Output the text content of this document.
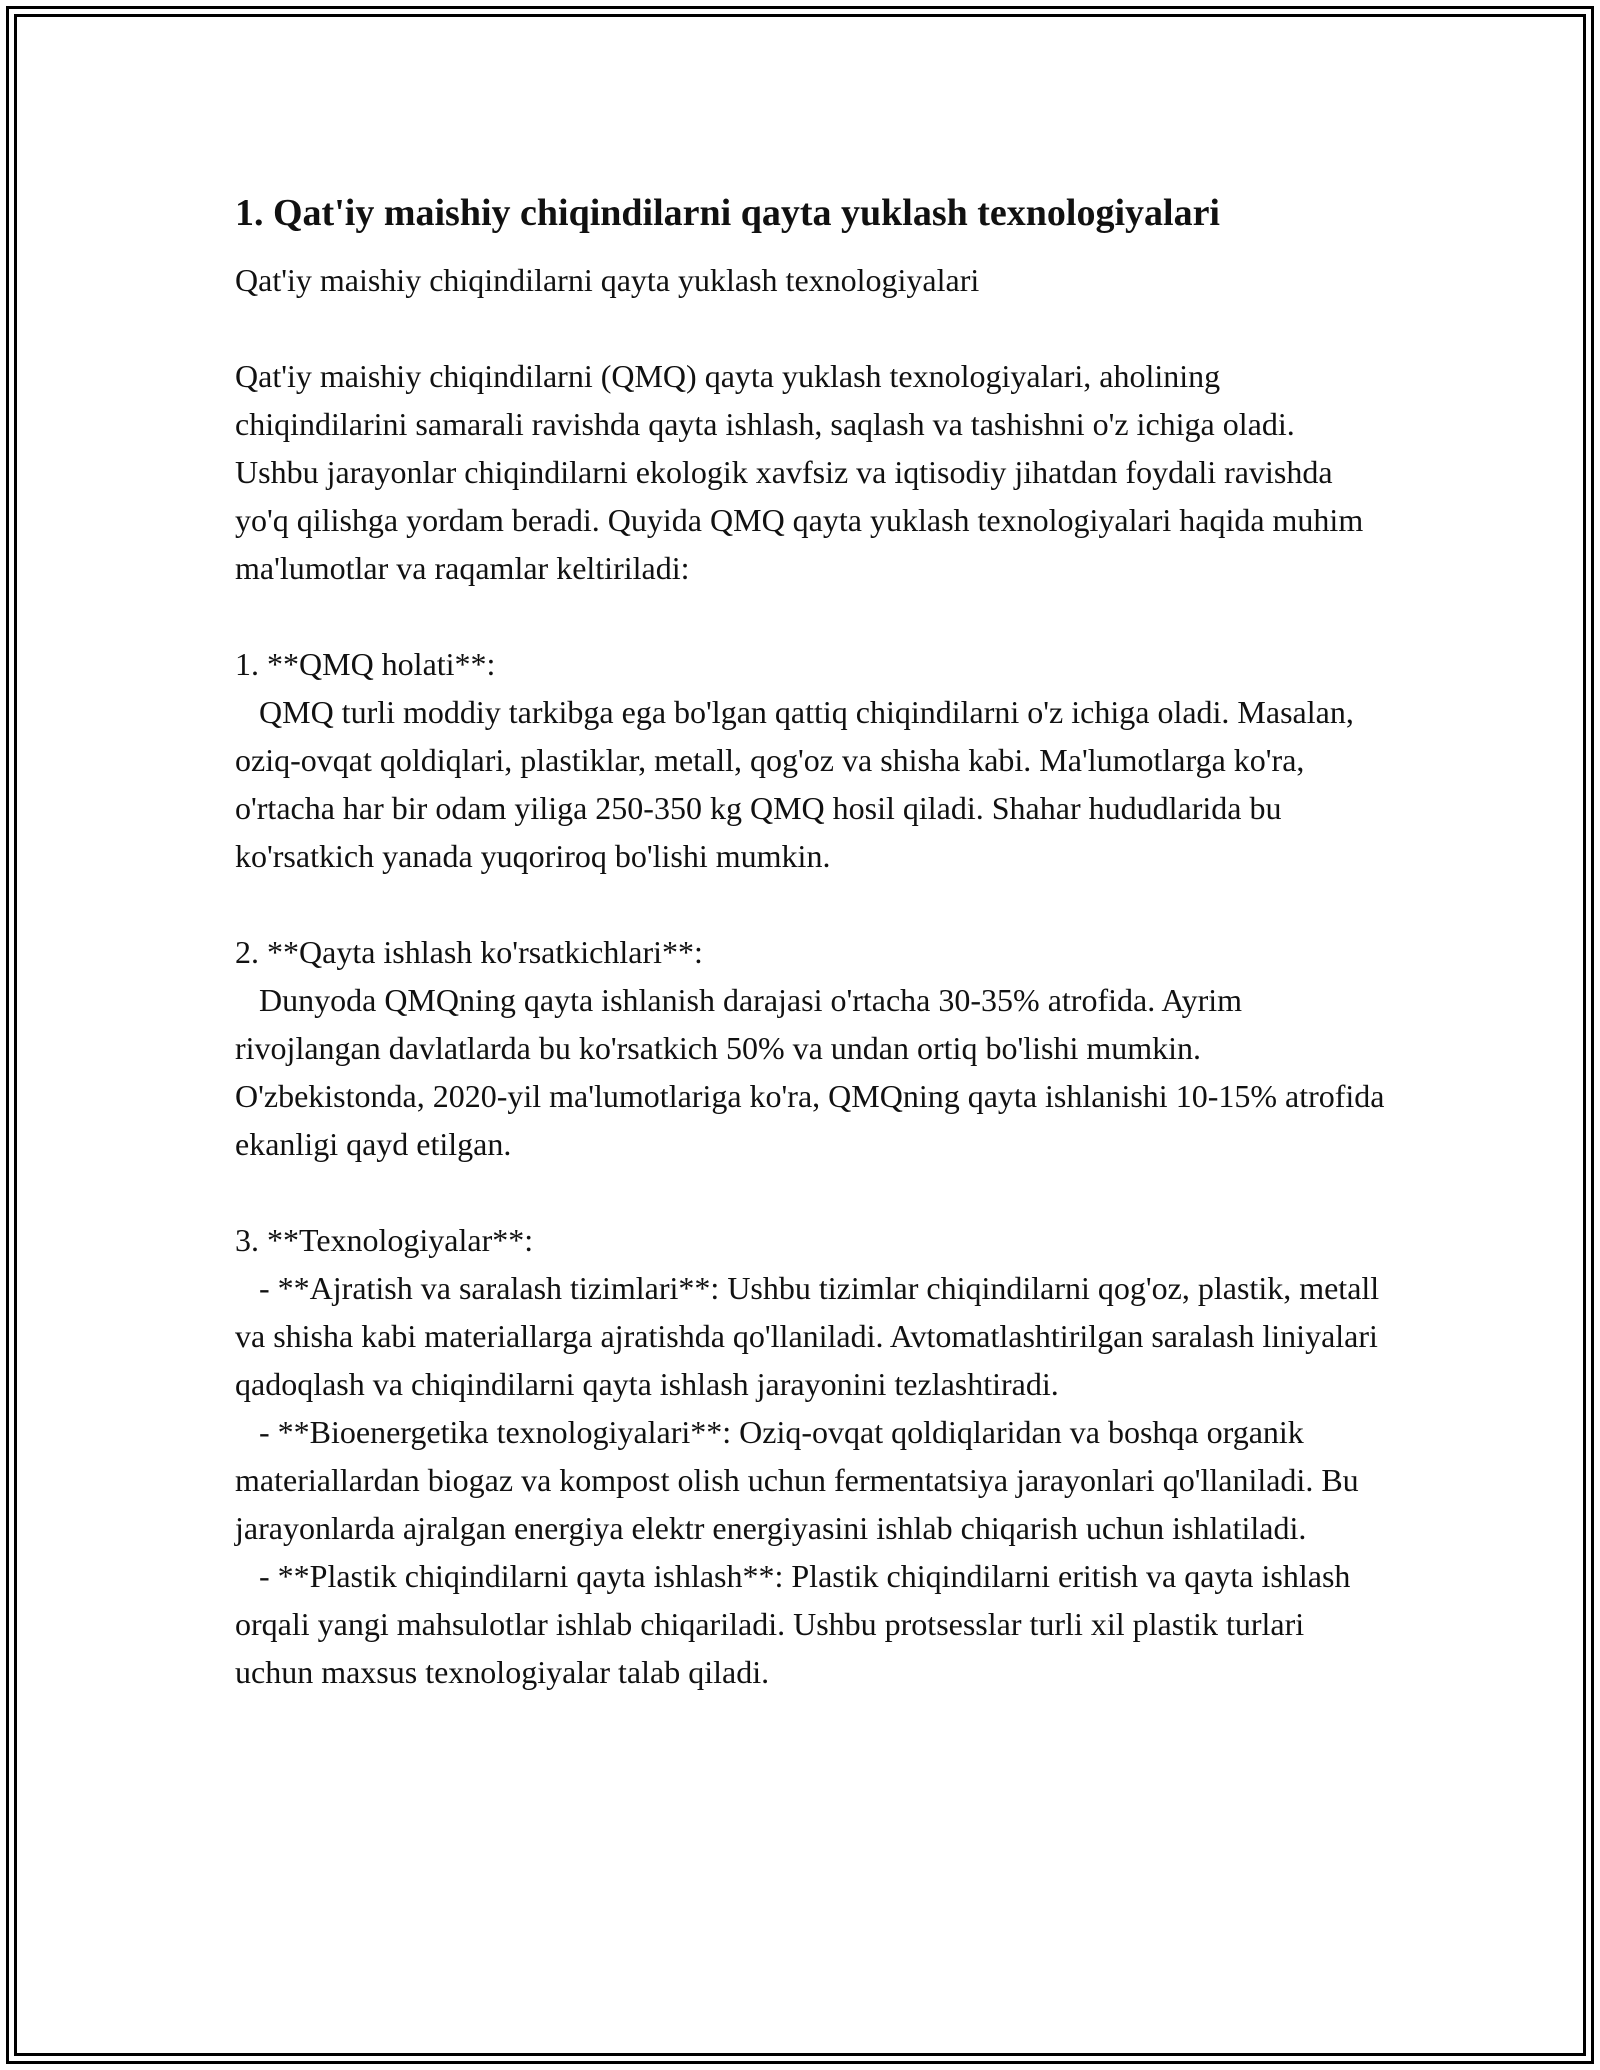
1. Qat'iy maishiy chiqindilarni qayta yuklash texnologiyalari

Qat'iy maishiy chiqindilarni qayta yuklash texnologiyalari

Qat'iy maishiy chiqindilarni (QMQ) qayta yuklash texnologiyalari, aholining chiqindilarini samarali ravishda qayta ishlash, saqlash va tashishni o'z ichiga oladi. Ushbu jarayonlar chiqindilarni ekologik xavfsiz va iqtisodiy jihatdan foydali ravishda yo'q qilishga yordam beradi. Quyida QMQ qayta yuklash texnologiyalari haqida muhim ma'lumotlar va raqamlar keltiriladi:

1. **QMQ holati**:

QMQ turli moddiy tarkibga ega bo'lgan qattiq chiqindilarni o'z ichiga oladi. Masalan, oziq-ovqat qoldiqlari, plastiklar, metall, qog'oz va shisha kabi. Ma'lumotlarga ko'ra, o'rtacha har bir odam yiliga 250-350 kg QMQ hosil qiladi. Shahar hududlarida bu ko'rsatkich yanada yuqoriroq bo'lishi mumkin.

2. **Qayta ishlash ko'rsatkichlari**:

Dunyoda QMQning qayta ishlanish darajasi o'rtacha 30-35% atrofida. Ayrim rivojlangan davlatlarda bu ko'rsatkich 50% va undan ortiq bo'lishi mumkin. O'zbekistonda, 2020-yil ma'lumotlariga ko'ra, QMQning qayta ishlanishi 10-15% atrofida ekanligi qayd etilgan.

3. **Texnologiyalar**:

- **Ajratish va saralash tizimlari**: Ushbu tizimlar chiqindilarni qog'oz, plastik, metall va shisha kabi materiallarga ajratishda qo'llaniladi. Avtomatlashtirilgan saralash liniyalari qadoqlash va chiqindilarni qayta ishlash jarayonini tezlashtiradi.

- **Bioenergetika texnologiyalari**: Oziq-ovqat qoldiqlaridan va boshqa organik materiallardan biogaz va kompost olish uchun fermentatsiya jarayonlari qo'llaniladi. Bu jarayonlarda ajralgan energiya elektr energiyasini ishlab chiqarish uchun ishlatiladi.

- **Plastik chiqindilarni qayta ishlash**: Plastik chiqindilarni eritish va qayta ishlash orqali yangi mahsulotlar ishlab chiqariladi. Ushbu protsesslar turli xil plastik turlari uchun maxsus texnologiyalar talab qiladi.
